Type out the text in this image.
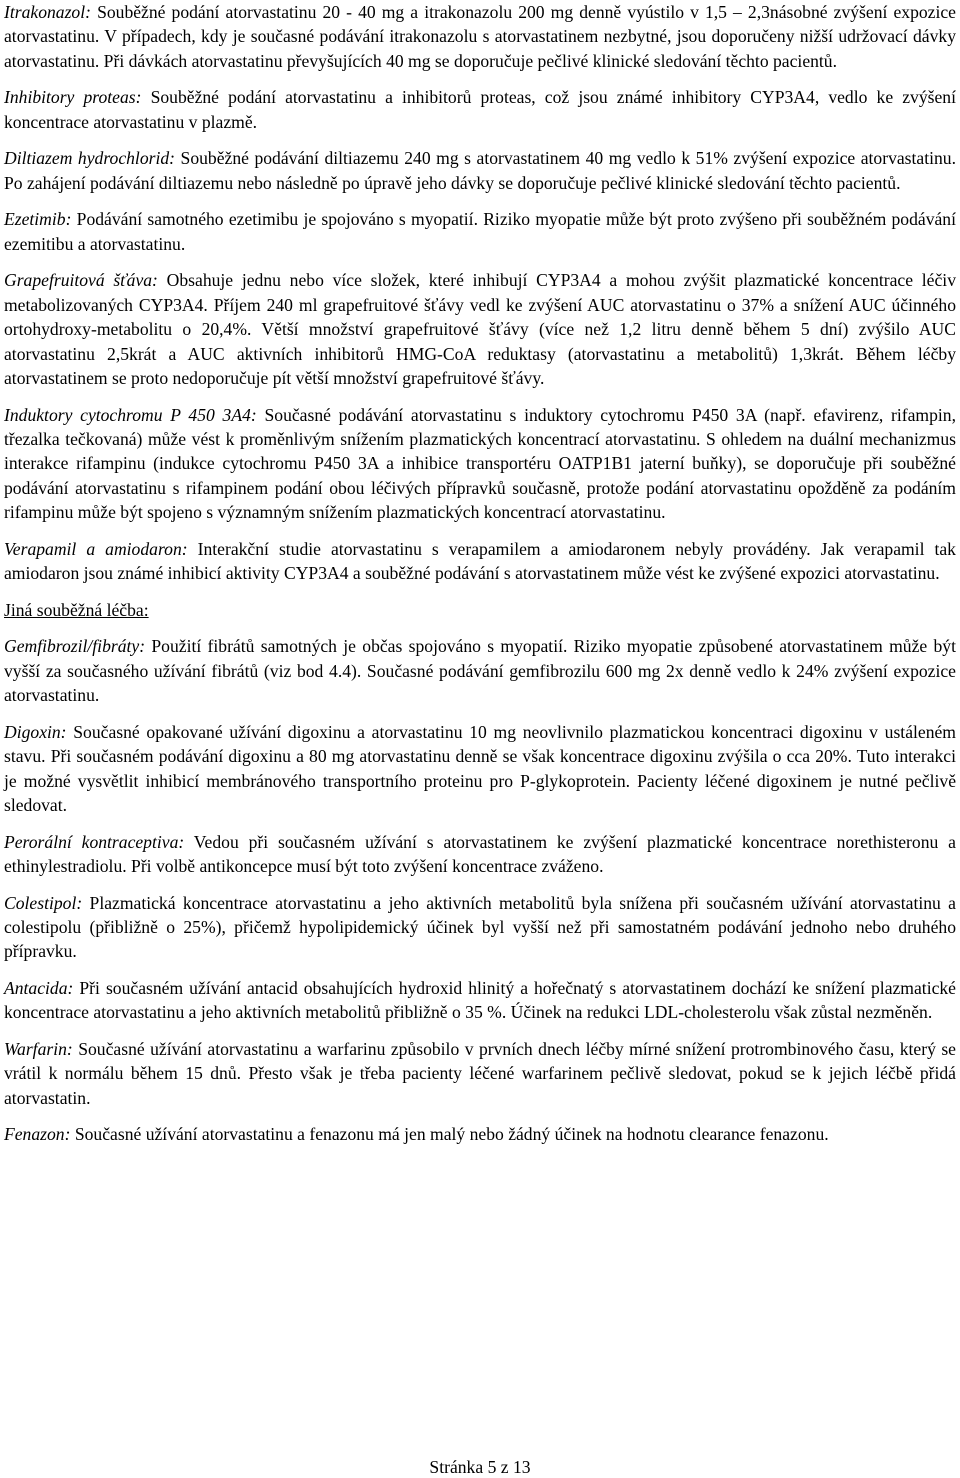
Itrakonazol: Souběžné podání atorvastatinu 20 - 40 mg a itrakonazolu 200 mg denně vyústilo v 1,5 – 2,3násobné zvýšení expozice atorvastatinu. V případech, kdy je současné podávání itrakonazolu s atorvastatinem nezbytné, jsou doporučeny nižší udržovací dávky atorvastatinu. Při dávkách atorvastatinu převyšujících 40 mg se doporučuje pečlivé klinické sledování těchto pacientů.

Inhibitory proteas: Souběžné podání atorvastatinu a inhibitorů proteas, což jsou známé inhibitory CYP3A4, vedlo ke zvýšení koncentrace atorvastatinu v plazmě.

Diltiazem hydrochlorid: Souběžné podávání diltiazemu 240 mg s atorvastatinem 40 mg vedlo k 51% zvýšení expozice atorvastatinu. Po zahájení podávání diltiazemu nebo následně po úpravě jeho dávky se doporučuje pečlivé klinické sledování těchto pacientů.

Ezetimib: Podávání samotného ezetimibu je spojováno s myopatií. Riziko myopatie může být proto zvýšeno při souběžném podávání ezemitibu a atorvastatinu.

Grapefruitová šťáva: Obsahuje jednu nebo více složek, které inhibují CYP3A4 a mohou zvýšit plazmatické koncentrace léčiv metabolizovaných CYP3A4. Příjem 240 ml grapefruitové šťávy vedl ke zvýšení AUC atorvastatinu o 37% a snížení AUC účinného ortohydroxy-metabolitu o 20,4%. Větší množství grapefruitové šťávy (více než 1,2 litru denně během 5 dní) zvýšilo AUC atorvastatinu 2,5krát a AUC aktivních inhibitorů HMG-CoA reduktasy (atorvastatinu a metabolitů) 1,3krát. Během léčby atorvastatinem se proto nedoporučuje pít větší množství grapefruitové šťávy.

Induktory cytochromu P 450 3A4: Současné podávání atorvastatinu s induktory cytochromu P450 3A (např. efavirenz, rifampin, třezalka tečkovaná) může vést k proměnlivým snížením plazmatických koncentrací atorvastatinu. S ohledem na duální mechanizmus interakce rifampinu (indukce cytochromu P450 3A a inhibice transportéru OATP1B1 jaterní buňky), se doporučuje při souběžné podávání atorvastatinu s rifampinem podání obou léčivých přípravků současně, protože podání atorvastatinu opožděně za podáním rifampinu může být spojeno s významným snížením plazmatických koncentrací atorvastatinu.

Verapamil a amiodaron: Interakční studie atorvastatinu s verapamilem a amiodaronem nebyly provádény. Jak verapamil tak amiodaron jsou známé inhibicí aktivity CYP3A4 a souběžné podávání s atorvastatinem může vést ke zvýšené expozici atorvastatinu.

Jiná souběžná léčba:

Gemfibrozil/fibráty: Použití fibrátů samotných je občas spojováno s myopatií. Riziko myopatie způsobené atorvastatinem může být vyšší za současného užívání fibrátů (viz bod 4.4). Současné podávání gemfibrozilu 600 mg 2x denně vedlo k 24% zvýšení expozice atorvastatinu.

Digoxin: Současné opakované užívání digoxinu a atorvastatinu 10 mg neovlivnilo plazmatickou koncentraci digoxinu v ustáleném stavu. Při současném podávání digoxinu a 80 mg atorvastatinu denně se však koncentrace digoxinu zvýšila o cca 20%. Tuto interakci je možné vysvětlit inhibicí membránového transportního proteinu pro P-glykoprotein. Pacienty léčené digoxinem je nutné pečlivě sledovat.

Perorální kontraceptiva: Vedou při současném užívání s atorvastatinem ke zvýšení plazmatické koncentrace norethisteronu a ethinylestradiolu. Při volbě antikoncepce musí být toto zvýšení koncentrace zváženo.

Colestipol: Plazmatická koncentrace atorvastatinu a jeho aktivních metabolitů byla snížena při současném užívání atorvastatinu a colestipolu (přibližně o 25%), přičemž hypolipidemický účinek byl vyšší než při samostatném podávání jednoho nebo druhého přípravku.

Antacida: Při současném užívání antacid obsahujících hydroxid hlinitý a hořečnatý s atorvastatinem dochází ke snížení plazmatické koncentrace atorvastatinu a jeho aktivních metabolitů přibližně o 35 %. Účinek na redukci LDL-cholesterolu však zůstal nezměněn.

Warfarin: Současné užívání atorvastatinu a warfarinu způsobilo v prvních dnech léčby mírné snížení protrombinového času, který se vrátil k normálu během 15 dnů. Přesto však je třeba pacienty léčené warfarinem pečlivě sledovat, pokud se k jejich léčbě přidá atorvastatin.

Fenazon: Současné užívání atorvastatinu a fenazonu má jen malý nebo žádný účinek na hodnotu clearance fenazonu.

Stránka 5 z 13
